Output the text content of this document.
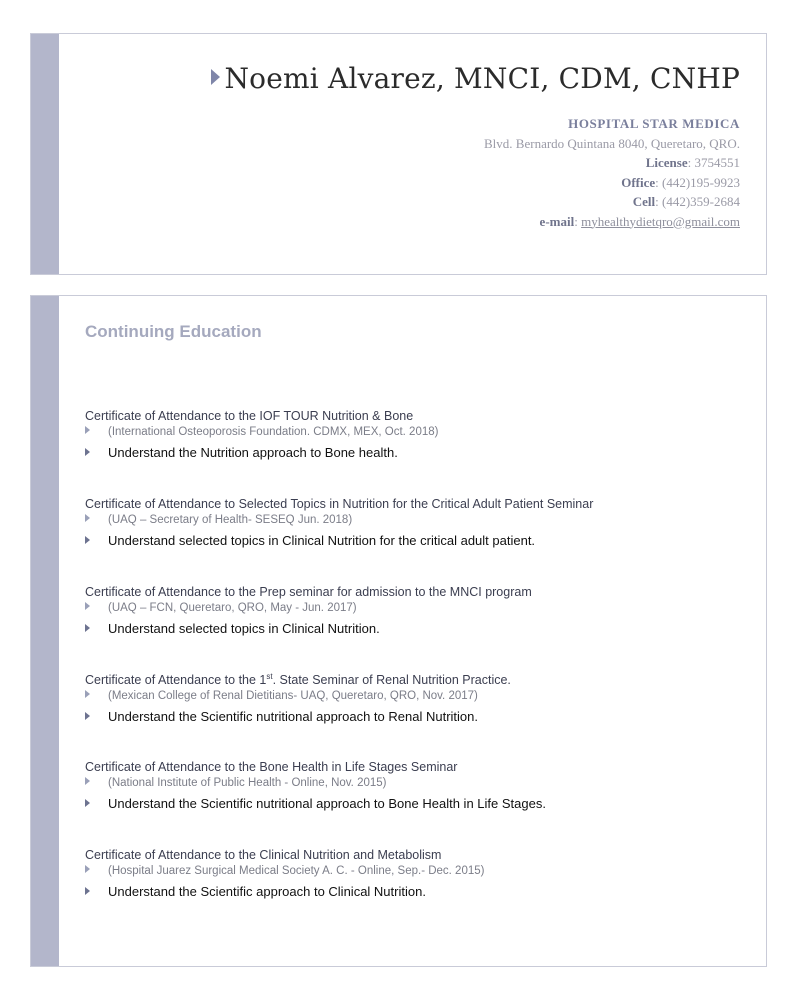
Noemi Alvarez, MNCI, CDM, CNHP
HOSPITAL STAR MEDICA
Blvd. Bernardo Quintana 8040, Queretaro, QRO.
License: 3754551
Office: (442)195-9923
Cell: (442)359-2684
e-mail: myhealthydietqro@gmail.com
Continuing Education
Certificate of Attendance to the IOF TOUR Nutrition & Bone
(International Osteoporosis Foundation. CDMX, MEX, Oct. 2018)
Understand the Nutrition approach to Bone health.
Certificate of Attendance to Selected Topics in Nutrition for the Critical Adult Patient Seminar
(UAQ – Secretary of Health- SESEQ Jun. 2018)
Understand selected topics in Clinical Nutrition for the critical adult patient.
Certificate of Attendance to the Prep seminar for admission to the MNCI program
(UAQ – FCN, Queretaro, QRO, May - Jun. 2017)
Understand selected topics in Clinical Nutrition.
Certificate of Attendance to the 1st. State Seminar of Renal Nutrition Practice.
(Mexican College of Renal Dietitians- UAQ, Queretaro, QRO, Nov. 2017)
Understand the Scientific nutritional approach to Renal Nutrition.
Certificate of Attendance to the Bone Health in Life Stages Seminar
(National Institute of Public Health - Online, Nov. 2015)
Understand the Scientific nutritional approach to Bone Health in Life Stages.
Certificate of Attendance to the Clinical Nutrition and Metabolism
(Hospital Juarez Surgical Medical Society A. C. - Online, Sep.- Dec. 2015)
Understand the Scientific approach to Clinical Nutrition.
